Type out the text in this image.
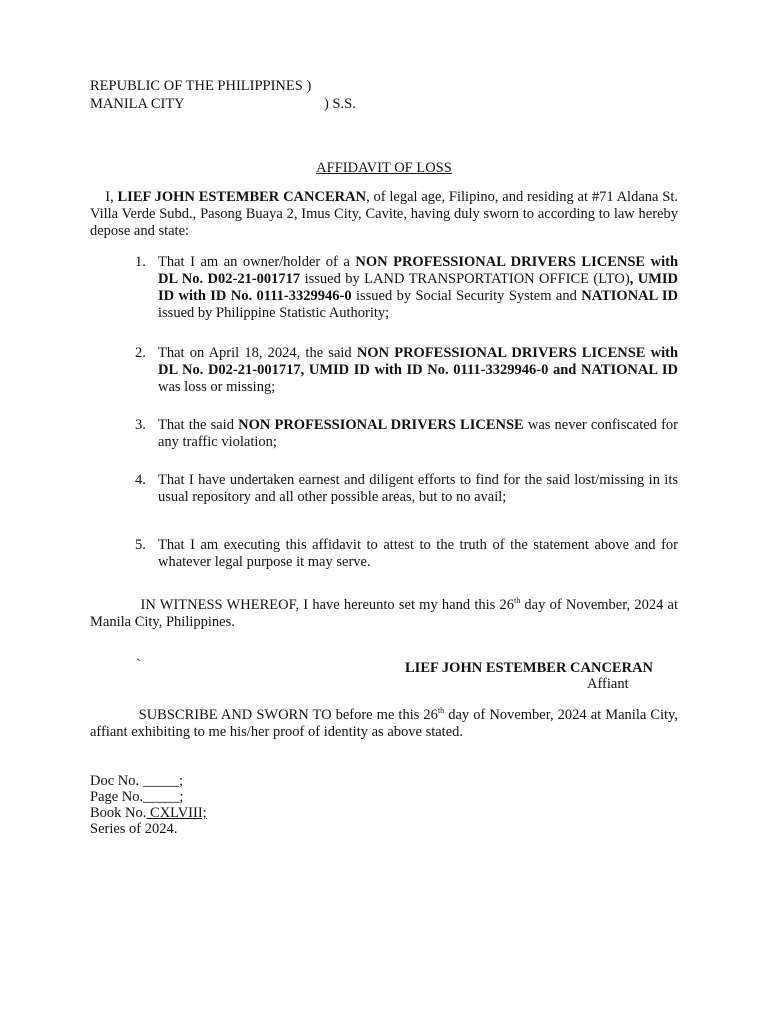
REPUBLIC OF THE PHILIPPINES )
MANILA CITY	) S.S.
AFFIDAVIT OF LOSS
I, LIEF JOHN ESTEMBER CANCERAN, of legal age, Filipino, and residing at #71 Aldana St. Villa Verde Subd., Pasong Buaya 2, Imus City, Cavite, having duly sworn to according to law hereby depose and state:
1. That I am an owner/holder of a NON PROFESSIONAL DRIVERS LICENSE with DL No. D02-21-001717 issued by LAND TRANSPORTATION OFFICE (LTO), UMID ID with ID No. 0111-3329946-0 issued by Social Security System and NATIONAL ID issued by Philippine Statistic Authority;
2. That on April 18, 2024, the said NON PROFESSIONAL DRIVERS LICENSE with DL No. D02-21-001717, UMID ID with ID No. 0111-3329946-0 and NATIONAL ID was loss or missing;
3. That the said NON PROFESSIONAL DRIVERS LICENSE was never confiscated for any traffic violation;
4. That I have undertaken earnest and diligent efforts to find for the said lost/missing in its usual repository and all other possible areas, but to no avail;
5. That I am executing this affidavit to attest to the truth of the statement above and for whatever legal purpose it may serve.
IN WITNESS WHEREOF, I have hereunto set my hand this 26th day of November, 2024 at Manila City, Philippines.
`	LIEF JOHN ESTEMBER CANCERAN
Affiant
SUBSCRIBE AND SWORN TO before me this 26th day of November, 2024 at Manila City, affiant exhibiting to me his/her proof of identity as above stated.
Doc No. _____;
Page No._____;
Book No. CXLVIII;
Series of 2024.
